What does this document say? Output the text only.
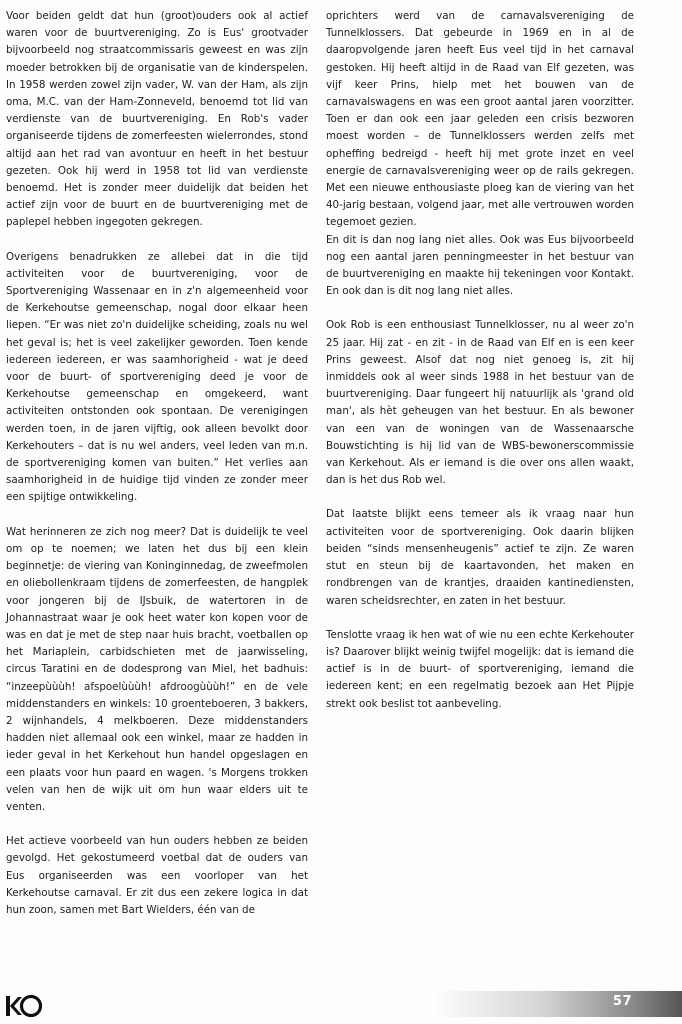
Voor beiden geldt dat hun (groot)ouders ook al actief waren voor de buurtvereniging. Zo is Eus' grootvader bijvoorbeeld nog straatcommissaris geweest en was zijn moeder betrokken bij de organisatie van de kinderspelen. In 1958 werden zowel zijn vader, W. van der Ham, als zijn oma, M.C. van der Ham-Zonneveld, benoemd tot lid van verdienste van de buurtvereniging. En Rob's vader organiseerde tijdens de zomerfeesten wielerrondes, stond altijd aan het rad van avontuur en heeft in het bestuur gezeten. Ook hij werd in 1958 tot lid van verdienste benoemd. Het is zonder meer duidelijk dat beiden het actief zijn voor de buurt en de buurtvereniging met de paplepel hebben ingegoten gekregen.

Overigens benadrukken ze allebei dat in die tijd activiteiten voor de buurtvereniging, voor de Sportvereniging Wassenaar en in z'n algemeenheid voor de Kerkehoutse gemeenschap, nogal door elkaar heen liepen. “Er was niet zo'n duidelijke scheiding, zoals nu wel het geval is; het is veel zakelijker geworden. Toen kende iedereen iedereen, er was saamhorigheid - wat je deed voor de buurt- of sportvereniging deed je voor de Kerkehoutse gemeenschap en omgekeerd, want activiteiten ontstonden ook spontaan. De verenigingen werden toen, in de jaren vijftig, ook alleen bevolkt door Kerkehouters – dat is nu wel anders, veel leden van m.n. de sportvereniging komen van buiten.” Het verlies aan saamhorigheid in de huidige tijd vinden ze zonder meer een spijtige ontwikkeling.

Wat herinneren ze zich nog meer? Dat is duidelijk te veel om op te noemen; we laten het dus bij een klein beginnetje: de viering van Koninginnedag, de zweefmolen en oliebollenkraam tijdens de zomerfeesten, de hangplek voor jongeren bij de IJsbuik, de watertoren in de Johannastraat waar je ook heet water kon kopen voor de was en dat je met de step naar huis bracht, voetballen op het Mariaplein, carbidschieten met de jaarwisseling, circus Taratini en de dodesprong van Miel, het badhuis: “inzeepùùùh! afspoelùùùh! afdroogùùùh!” en de vele middenstanders en winkels: 10 groenteboeren, 3 bakkers, 2 wijnhandels, 4 melkboeren. Deze middenstanders hadden niet allemaal ook een winkel, maar ze hadden in ieder geval in het Kerkehout hun handel opgeslagen en een plaats voor hun paard en wagen. 's Morgens trokken velen van hen de wijk uit om hun waar elders uit te venten.

Het actieve voorbeeld van hun ouders hebben ze beiden gevolgd. Het gekostumeerd voetbal dat de ouders van Eus organiseerden was een voorloper van het Kerkehoutse carnaval. Er zit dus een zekere logica in dat hun zoon, samen met Bart Wielders, één van de

oprichters werd van de carnavalsvereniging de Tunnelklossers. Dat gebeurde in 1969 en in al de daaropvolgende jaren heeft Eus veel tijd in het carnaval gestoken. Hij heeft altijd in de Raad van Elf gezeten, was vijf keer Prins, hielp met het bouwen van de carnavalswagens en was een groot aantal jaren voorzitter. Toen er dan ook een jaar geleden een crisis bezworen moest worden – de Tunnelklossers werden zelfs met opheffing bedreigd - heeft hij met grote inzet en veel energie de carnavalsvereniging weer op de rails gekregen. Met een nieuwe enthousiaste ploeg kan de viering van het 40-jarig bestaan, volgend jaar, met alle vertrouwen worden tegemoet gezien.

En dit is dan nog lang niet alles. Ook was Eus bijvoorbeeld nog een aantal jaren penningmeester in het bestuur van de buurtvereniging en maakte hij tekeningen voor Kontakt. En ook dan is dit nog lang niet alles.

Ook Rob is een enthousiast Tunnelklosser, nu al weer zo'n 25 jaar. Hij zat - en zit - in de Raad van Elf en is een keer Prins geweest. Alsof dat nog niet genoeg is, zit hij inmiddels ook al weer sinds 1988 in het bestuur van de buurtvereniging. Daar fungeert hij natuurlijk als 'grand old man', als hèt geheugen van het bestuur. En als bewoner van een van de woningen van de Wassenaarsche Bouwstichting is hij lid van de WBS-bewonerscommissie van Kerkehout. Als er iemand is die over ons allen waakt, dan is het dus Rob wel.

Dat laatste blijkt eens temeer als ik vraag naar hun activiteiten voor de sportvereniging. Ook daarin blijken beiden “sinds mensenheugenis” actief te zijn. Ze waren stut en steun bij de kaartavonden, het maken en rondbrengen van de krantjes, draaiden kantinediensten, waren scheidsrechter, en zaten in het bestuur.

Tenslotte vraag ik hen wat of wie nu een echte Kerkehouter is? Daarover blijkt weinig twijfel mogelijk: dat is iemand die actief is in de buurt- of sportvereniging, iemand die iedereen kent; en een regelmatig bezoek aan Het Pijpje strekt ook beslist tot aanbeveling.

57
